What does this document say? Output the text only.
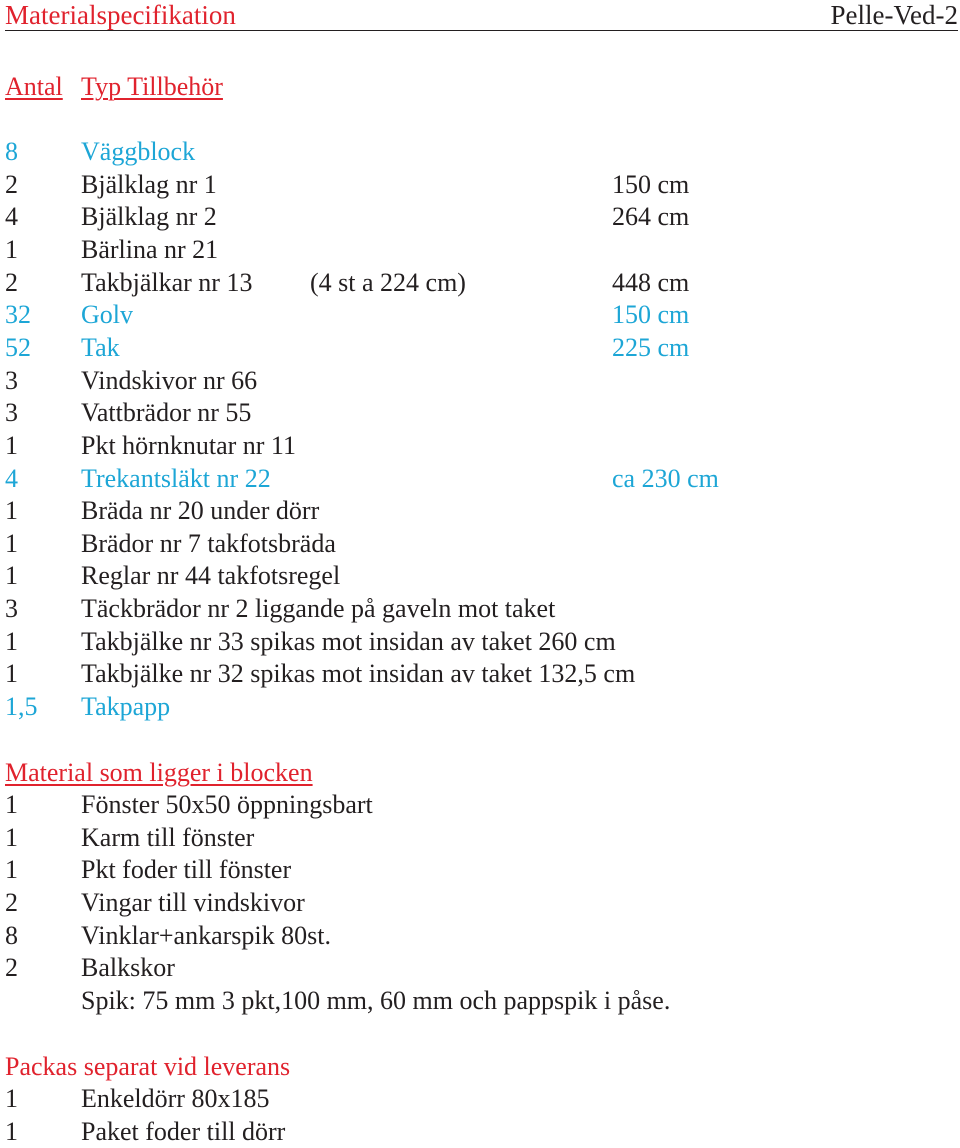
Materialspecifikation	Pelle-Ved-2
Antal Typ Tillbehör
8 Väggblock
2 Bjälklag nr 1	150 cm
4 Bjälklag nr 2	264 cm
1 Bärlina nr 21
2 Takbjälkar nr 13 (4 st a 224 cm)	448 cm
32 Golv	150 cm
52 Tak	225 cm
3 Vindskivor nr 66
3 Vattbrädor nr 55
1 Pkt hörnknutar nr 11
4 Trekantsläkt nr 22	ca 230 cm
1 Bräda nr 20 under dörr
1 Brädor nr 7 takfotsbräda
1 Reglar nr 44 takfotsregel
3 Täckbrädor nr 2 liggande på gaveln mot taket
1 Takbjälke nr 33 spikas mot insidan av taket 260 cm
1 Takbjälke nr 32 spikas mot insidan av taket 132,5 cm
1,5 Takpapp
Material som ligger i blocken
1 Fönster 50x50 öppningsbart
1 Karm till fönster
1 Pkt foder till fönster
2 Vingar till vindskivor
8 Vinklar+ankarspik 80st.
2 Balkskor
Spik: 75 mm 3 pkt,100 mm, 60 mm och pappspik i påse.
Packas separat vid leverans
1 Enkeldörr 80x185
1 Paket foder till dörr
